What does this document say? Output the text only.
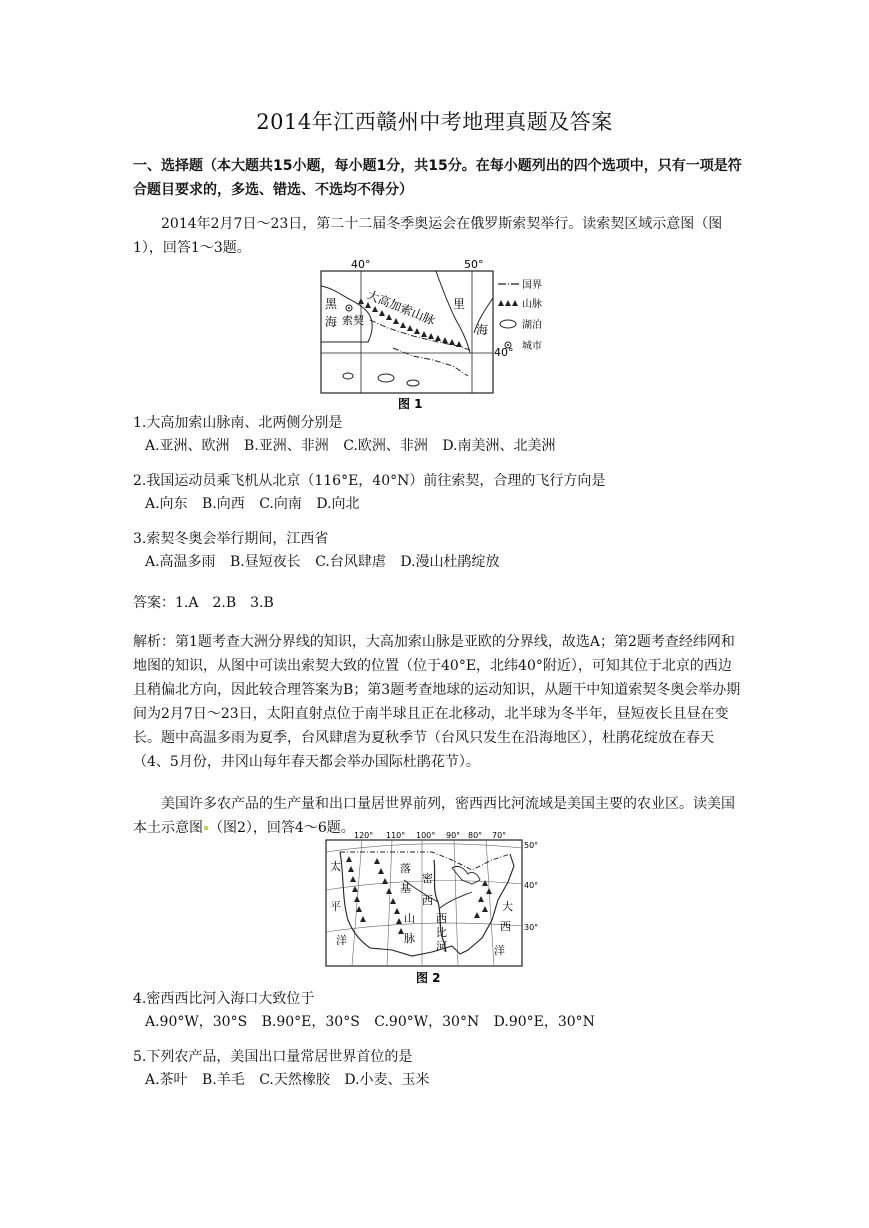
2014年江西赣州中考地理真题及答案
一、选择题（本大题共15小题，每小题1分，共15分。在每小题列出的四个选项中，只有一项是符合题目要求的，多选、错选、不选均不得分）
2014年2月7日～23日，第二十二届冬季奥运会在俄罗斯索契举行。读索契区域示意图（图1），回答1～3题。
40°	50°
40°
黑
海 索契
里
海
大高加索山脉
国界
山脉
湖泊
城市
图 1
1.大高加索山脉南、北两侧分别是
A.亚洲、欧洲 B.亚洲、非洲 C.欧洲、非洲 D.南美洲、北美洲
2.我国运动员乘飞机从北京（116°E，40°N）前往索契，合理的飞行方向是
A.向东 B.向西 C.向南 D.向北
3.索契冬奥会举行期间，江西省
A.高温多雨 B.昼短夜长 C.台风肆虐 D.漫山杜鹃绽放
答案：1.A　2.B　3.B
解析：第1题考查大洲分界线的知识，大高加索山脉是亚欧的分界线，故选A；第2题考查经纬网和地图的知识，从图中可读出索契大致的位置（位于40°E，北纬40°附近），可知其位于北京的西边且稍偏北方向，因此较合理答案为B；第3题考查地球的运动知识，从题干中知道索契冬奥会举办期间为2月7日～23日，太阳直射点位于南半球且正在北移动，北半球为冬半年，昼短夜长且昼在变长。题中高温多雨为夏季，台风肆虐为夏秋季节（台风只发生在沿海地区），杜鹃花绽放在春天（4、5月份，井冈山每年春天都会举办国际杜鹃花节）。
美国许多农产品的生产量和出口量居世界前列，密西西比河流域是美国主要的农业区。读美国本土示意图 （图2），回答4～6题。 120° 110° 100° 90° 80° 70°
50°
40°
30°
太
平
洋
大
西
洋
落
基
山
脉
密
西
西
比
河
图 2
4.密西西比河入海口大致位于
A.90°W，30°S B.90°E，30°S C.90°W，30°N D.90°E，30°N
5.下列农产品，美国出口量常居世界首位的是
A.茶叶 B.羊毛 C.天然橡胶 D.小麦、玉米
